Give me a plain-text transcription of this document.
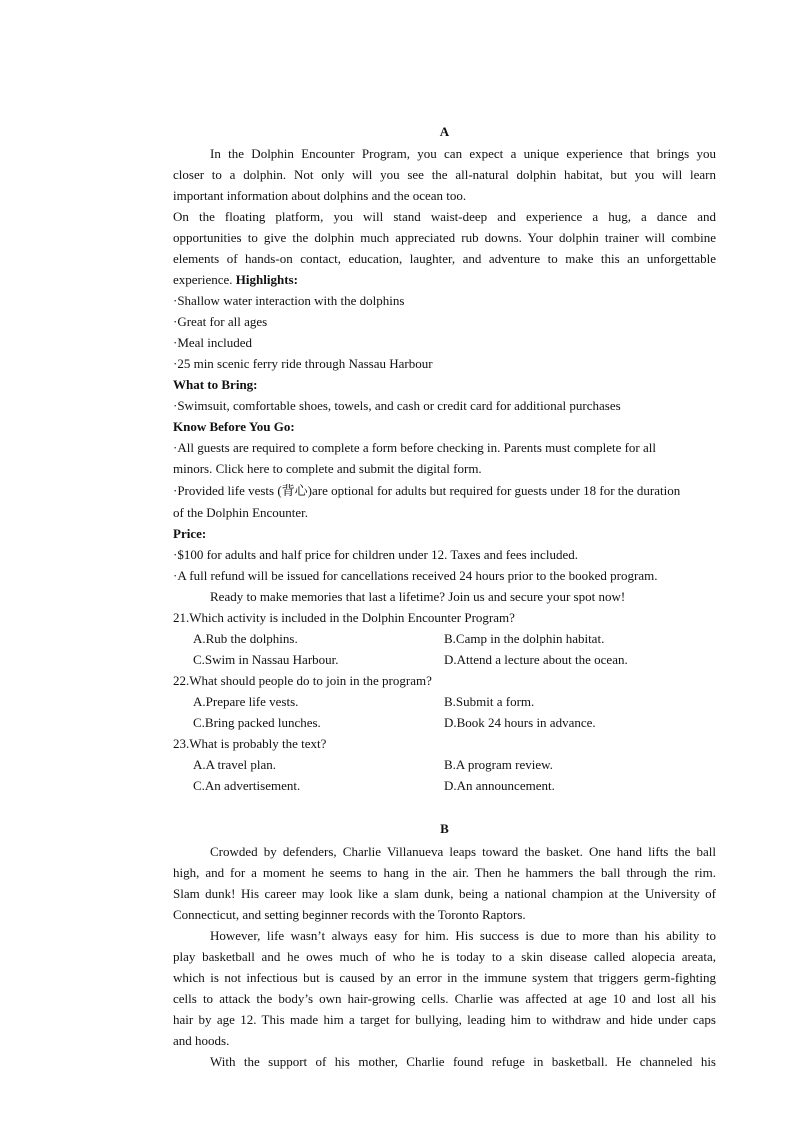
A
In the Dolphin Encounter Program, you can expect a unique experience that brings you
closer to a dolphin. Not only will you see the all-natural dolphin habitat, but you will learn
important information about dolphins and the ocean too.
On the floating platform, you will stand waist-deep and experience a hug, a dance and
opportunities to give the dolphin much appreciated rub downs. Your dolphin trainer will combine
elements of hands-on contact, education, laughter, and adventure to make this an unforgettable
experience. Highlights:
·Shallow water interaction with the dolphins
·Great for all ages
·Meal included
·25 min scenic ferry ride through Nassau Harbour
What to Bring:
·Swimsuit, comfortable shoes, towels, and cash or credit card for additional purchases
Know Before You Go:
·All guests are required to complete a form before checking in. Parents must complete for all
minors. Click here to complete and submit the digital form.
·Provided life vests (背心)are optional for adults but required for guests under 18 for the duration
of the Dolphin Encounter.
Price:
·$100 for adults and half price for children under 12. Taxes and fees included.
·A full refund will be issued for cancellations received 24 hours prior to the booked program.
Ready to make memories that last a lifetime? Join us and secure your spot now!
21.Which activity is included in the Dolphin Encounter Program?
A.Rub the dolphins.	B.Camp in the dolphin habitat.
C.Swim in Nassau Harbour.	D.Attend a lecture about the ocean.
22.What should people do to join in the program?
A.Prepare life vests.	B.Submit a form.
C.Bring packed lunches.	D.Book 24 hours in advance.
23.What is probably the text?
A.A travel plan.	B.A program review.
C.An advertisement.	D.An announcement.
B
Crowded by defenders, Charlie Villanueva leaps toward the basket. One hand lifts the ball
high, and for a moment he seems to hang in the air. Then he hammers the ball through the rim.
Slam dunk! His career may look like a slam dunk, being a national champion at the University of
Connecticut, and setting beginner records with the Toronto Raptors.
However, life wasn’t always easy for him. His success is due to more than his ability to
play basketball and he owes much of who he is today to a skin disease called alopecia areata,
which is not infectious but is caused by an error in the immune system that triggers germ-fighting
cells to attack the body’s own hair-growing cells. Charlie was affected at age 10 and lost all his
hair by age 12. This made him a target for bullying, leading him to withdraw and hide under caps
and hoods.
With the support of his mother, Charlie found refuge in basketball. He channeled his
